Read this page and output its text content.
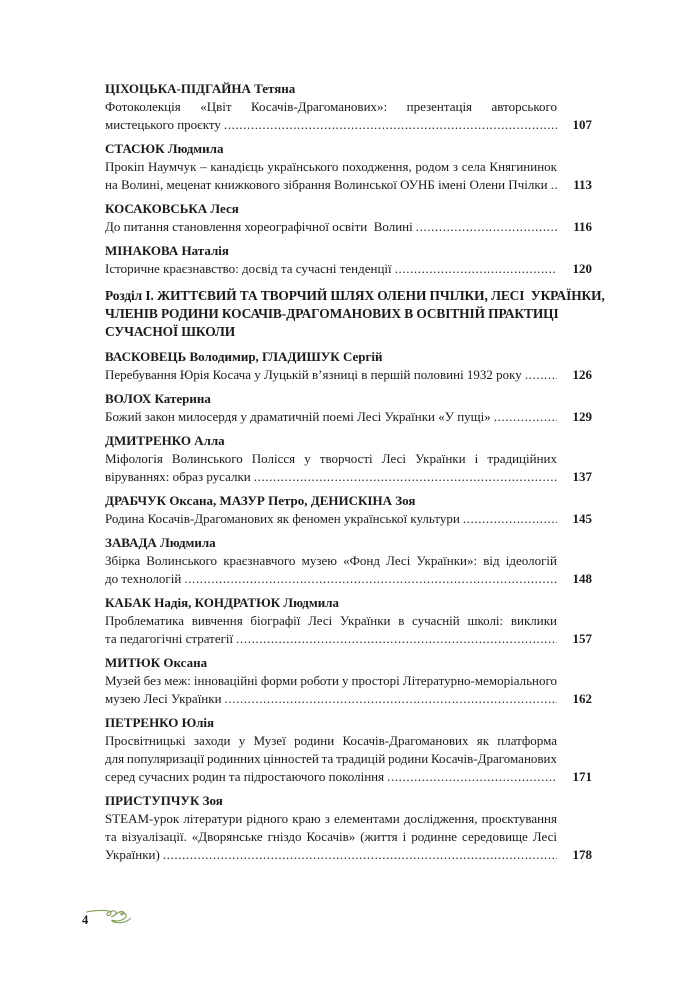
ЦІХОЦЬКА-ПІДГАЙНА Тетяна
Фотоколекція «Цвіт Косачів-Драгоманових»: презентація авторського
мистецького проєкту .....	107
СТАСЮК Людмила
Прокіп Наумчук – канадієць українського походження, родом з села Княгининок
на Волині, меценат книжкового зібрання Волинської ОУНБ імені Олени Пчілки .....	113
КОСАКОВСЬКА Леся
До питання становлення хореографічної освіти  Волині .....	116
МІНАКОВА Наталія
Історичне краєзнавство: досвід та сучасні тенденції .....	120
Розділ І. ЖИТТЄВИЙ ТА ТВОРЧИЙ ШЛЯХ ОЛЕНИ ПЧІЛКИ, ЛЕСІ  УКРАЇНКИ,
ЧЛЕНІВ РОДИНИ КОСАЧІВ-ДРАГОМАНОВИХ В ОСВІТНІЙ ПРАКТИЦІ
СУЧАСНОЇ ШКОЛИ
ВАСКОВЕЦЬ Володимир, ГЛАДИШУК Сергій
Перебування Юрія Косача у Луцькій в’язниці в першій половині 1932 року .....	126
ВОЛОХ Катерина
Божий закон милосердя у драматичній поемі Лесі Українки «У пущі» .....	129
ДМИТРЕНКО Алла
Міфологія Волинського Полісся у творчості Лесі Українки і традиційних
віруваннях: образ русалки .....	137
ДРАБЧУК Оксана, МАЗУР Петро, ДЕНИСКІНА Зоя
Родина Косачів-Драгоманових як феномен української культури .....	145
ЗАВАДА Людмила
Збірка Волинського краєзнавчого музею «Фонд Лесі Українки»: від ідеологій
до технологій .....	148
КАБАК Надія, КОНДРАТЮК Людмила
Проблематика вивчення біографії Лесі Українки в сучасній школі: виклики
та педагогічні стратегії .....	157
МИТЮК Оксана
Музей без меж: інноваційні форми роботи у просторі Літературно-меморіального
музею Лесі Українки .....	162
ПЕТРЕНКО Юлія
Просвітницькі заходи у Музеї родини Косачів-Драгоманових як платформа
для популяризації родинних цінностей та традицій родини Косачів-Драгоманових
серед сучасних родин та підростаючого покоління .....	171
ПРИСТУПЧУК Зоя
STEAM-урок літератури рідного краю з елементами дослідження, проєктування
та візуалізації. «Дворянське гніздо Косачів» (життя і родинне середовище Лесі
Українки) .....	178
4
